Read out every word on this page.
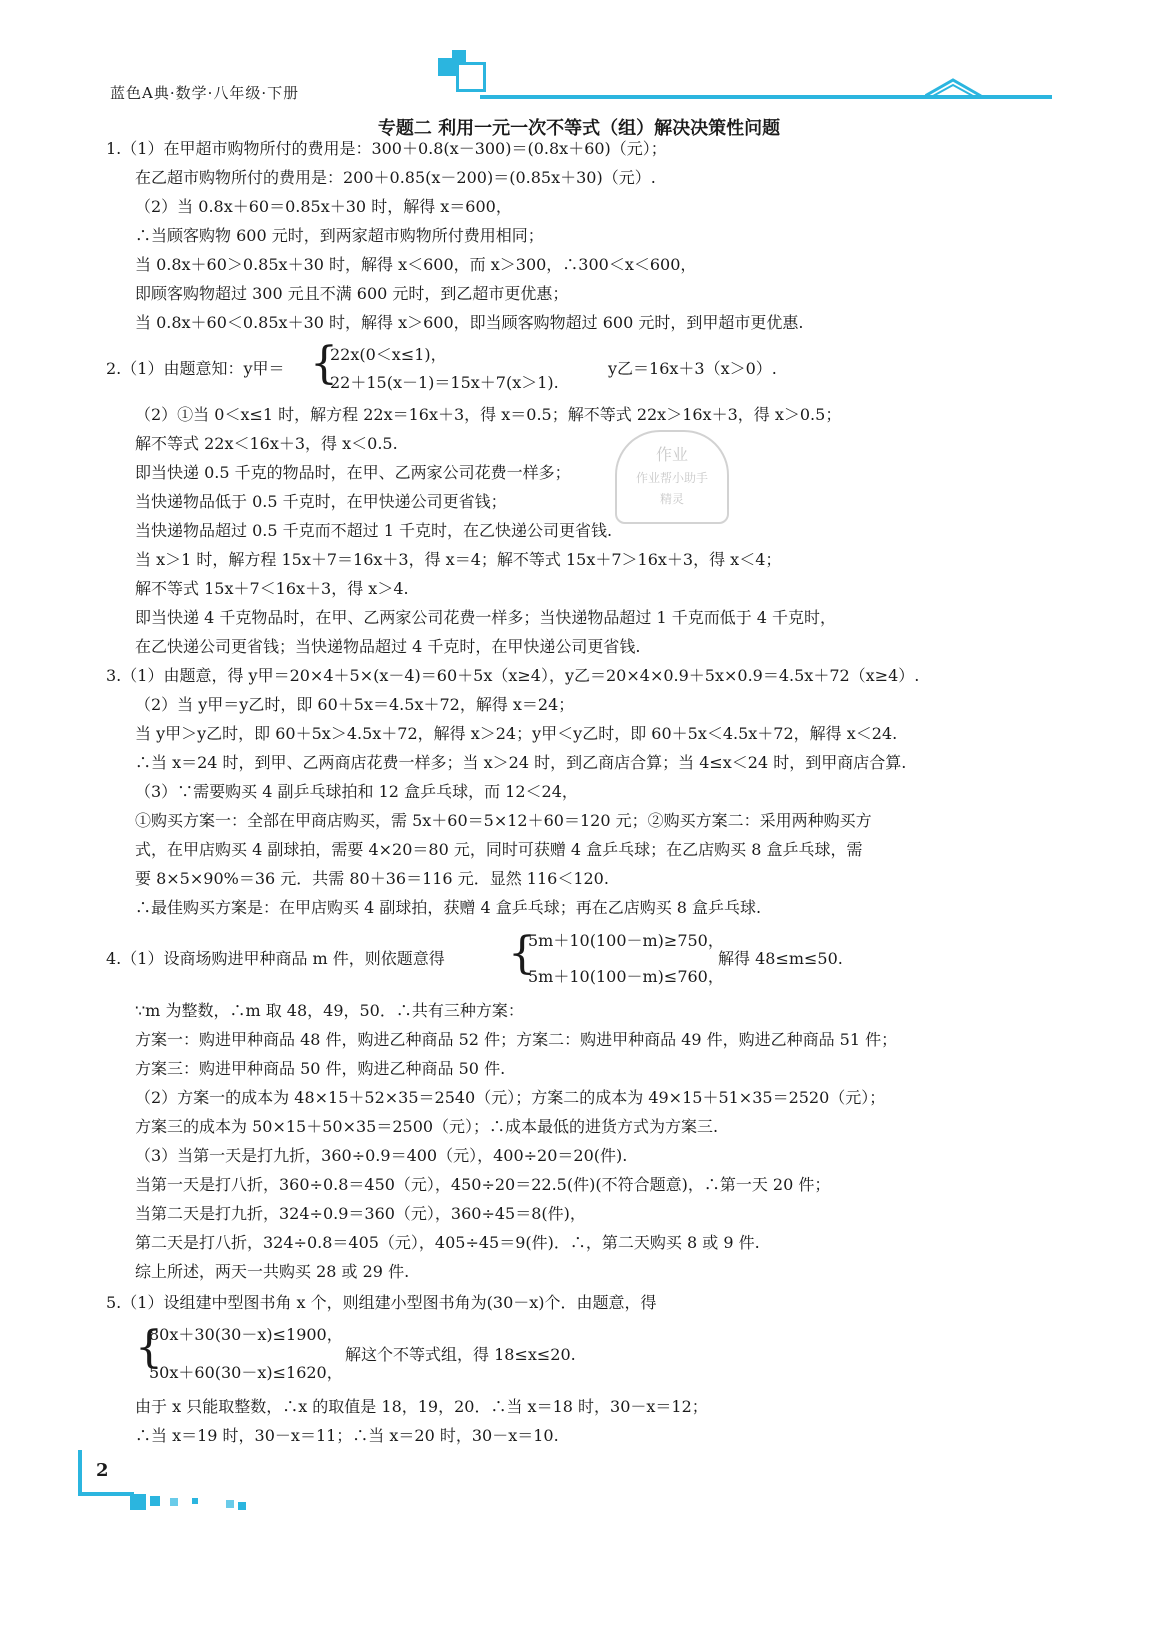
蓝色A典·数学·八年级·下册
专题二 利用一元一次不等式（组）解决决策性问题
1.（1）在甲超市购物所付的费用是：300＋0.8(x－300)＝(0.8x＋60)（元）；
在乙超市购物所付的费用是：200＋0.85(x－200)＝(0.85x＋30)（元）.
（2）当 0.8x＋60＝0.85x＋30 时，解得 x＝600，
∴当顾客购物 600 元时，到两家超市购物所付费用相同；
当 0.8x＋60＞0.85x＋30 时，解得 x＜600，而 x＞300，∴300＜x＜600，
即顾客购物超过 300 元且不满 600 元时，到乙超市更优惠；
当 0.8x＋60＜0.85x＋30 时，解得 x＞600，即当顾客购物超过 600 元时，到甲超市更优惠.
2.（1）由题意知：y甲＝ {
22x(0＜x≤1)，
22＋15(x－1)＝15x＋7(x＞1).
y乙＝16x＋3（x＞0）.
（2）①当 0＜x≤1 时，解方程 22x＝16x＋3，得 x＝0.5；解不等式 22x＞16x＋3，得 x＞0.5；
解不等式 22x＜16x＋3，得 x＜0.5.
即当快递 0.5 千克的物品时，在甲、乙两家公司花费一样多；
当快递物品低于 0.5 千克时，在甲快递公司更省钱；
当快递物品超过 0.5 千克而不超过 1 千克时，在乙快递公司更省钱.
当 x＞1 时，解方程 15x＋7＝16x＋3，得 x＝4；解不等式 15x＋7＞16x＋3，得 x＜4；
解不等式 15x＋7＜16x＋3，得 x＞4.
即当快递 4 千克物品时，在甲、乙两家公司花费一样多；当快递物品超过 1 千克而低于 4 千克时，
在乙快递公司更省钱；当快递物品超过 4 千克时，在甲快递公司更省钱.
3.（1）由题意，得 y甲＝20×4＋5×(x－4)＝60＋5x（x≥4），y乙＝20×4×0.9＋5x×0.9＝4.5x＋72（x≥4）.
（2）当 y甲＝y乙时，即 60＋5x＝4.5x＋72，解得 x＝24；
当 y甲＞y乙时，即 60＋5x＞4.5x＋72，解得 x＞24；y甲＜y乙时，即 60＋5x＜4.5x＋72，解得 x＜24.
∴当 x＝24 时，到甲、乙两商店花费一样多；当 x＞24 时，到乙商店合算；当 4≤x＜24 时，到甲商店合算.
（3）∵需要购买 4 副乒乓球拍和 12 盒乒乓球，而 12＜24，
①购买方案一：全部在甲商店购买，需 5x＋60＝5×12＋60＝120 元；②购买方案二：采用两种购买方
式，在甲店购买 4 副球拍，需要 4×20＝80 元，同时可获赠 4 盒乒乓球；在乙店购买 8 盒乒乓球，需
要 8×5×90%＝36 元．共需 80＋36＝116 元．显然 116＜120.
∴最佳购买方案是：在甲店购买 4 副球拍，获赠 4 盒乒乓球；再在乙店购买 8 盒乒乓球.
4.（1）设商场购进甲种商品 m 件，则依题意得 {
5m＋10(100－m)≥750，
5m＋10(100－m)≤760，
解得 48≤m≤50.
∵m 为整数，∴m 取 48，49，50．∴共有三种方案：
方案一：购进甲种商品 48 件，购进乙种商品 52 件；方案二：购进甲种商品 49 件，购进乙种商品 51 件；
方案三：购进甲种商品 50 件，购进乙种商品 50 件.
（2）方案一的成本为 48×15＋52×35＝2540（元）；方案二的成本为 49×15＋51×35＝2520（元）；
方案三的成本为 50×15＋50×35＝2500（元）；∴成本最低的进货方式为方案三.
（3）当第一天是打九折，360÷0.9＝400（元），400÷20＝20(件).
当第一天是打八折，360÷0.8＝450（元），450÷20＝22.5(件)(不符合题意)，∴第一天 20 件；
当第二天是打九折，324÷0.9＝360（元），360÷45＝8(件)，
第二天是打八折，324÷0.8＝405（元），405÷45＝9(件)．∴，第二天购买 8 或 9 件.
综上所述，两天一共购买 28 或 29 件.
5.（1）设组建中型图书角 x 个，则组建小型图书角为(30－x)个．由题意，得
{
80x＋30(30－x)≤1900，
50x＋60(30－x)≤1620，
解这个不等式组，得 18≤x≤20.
由于 x 只能取整数，∴x 的取值是 18，19，20．∴当 x＝18 时，30－x＝12；
∴当 x＝19 时，30－x＝11；∴当 x＝20 时，30－x＝10.
作业
作业帮小助手
精灵
2
